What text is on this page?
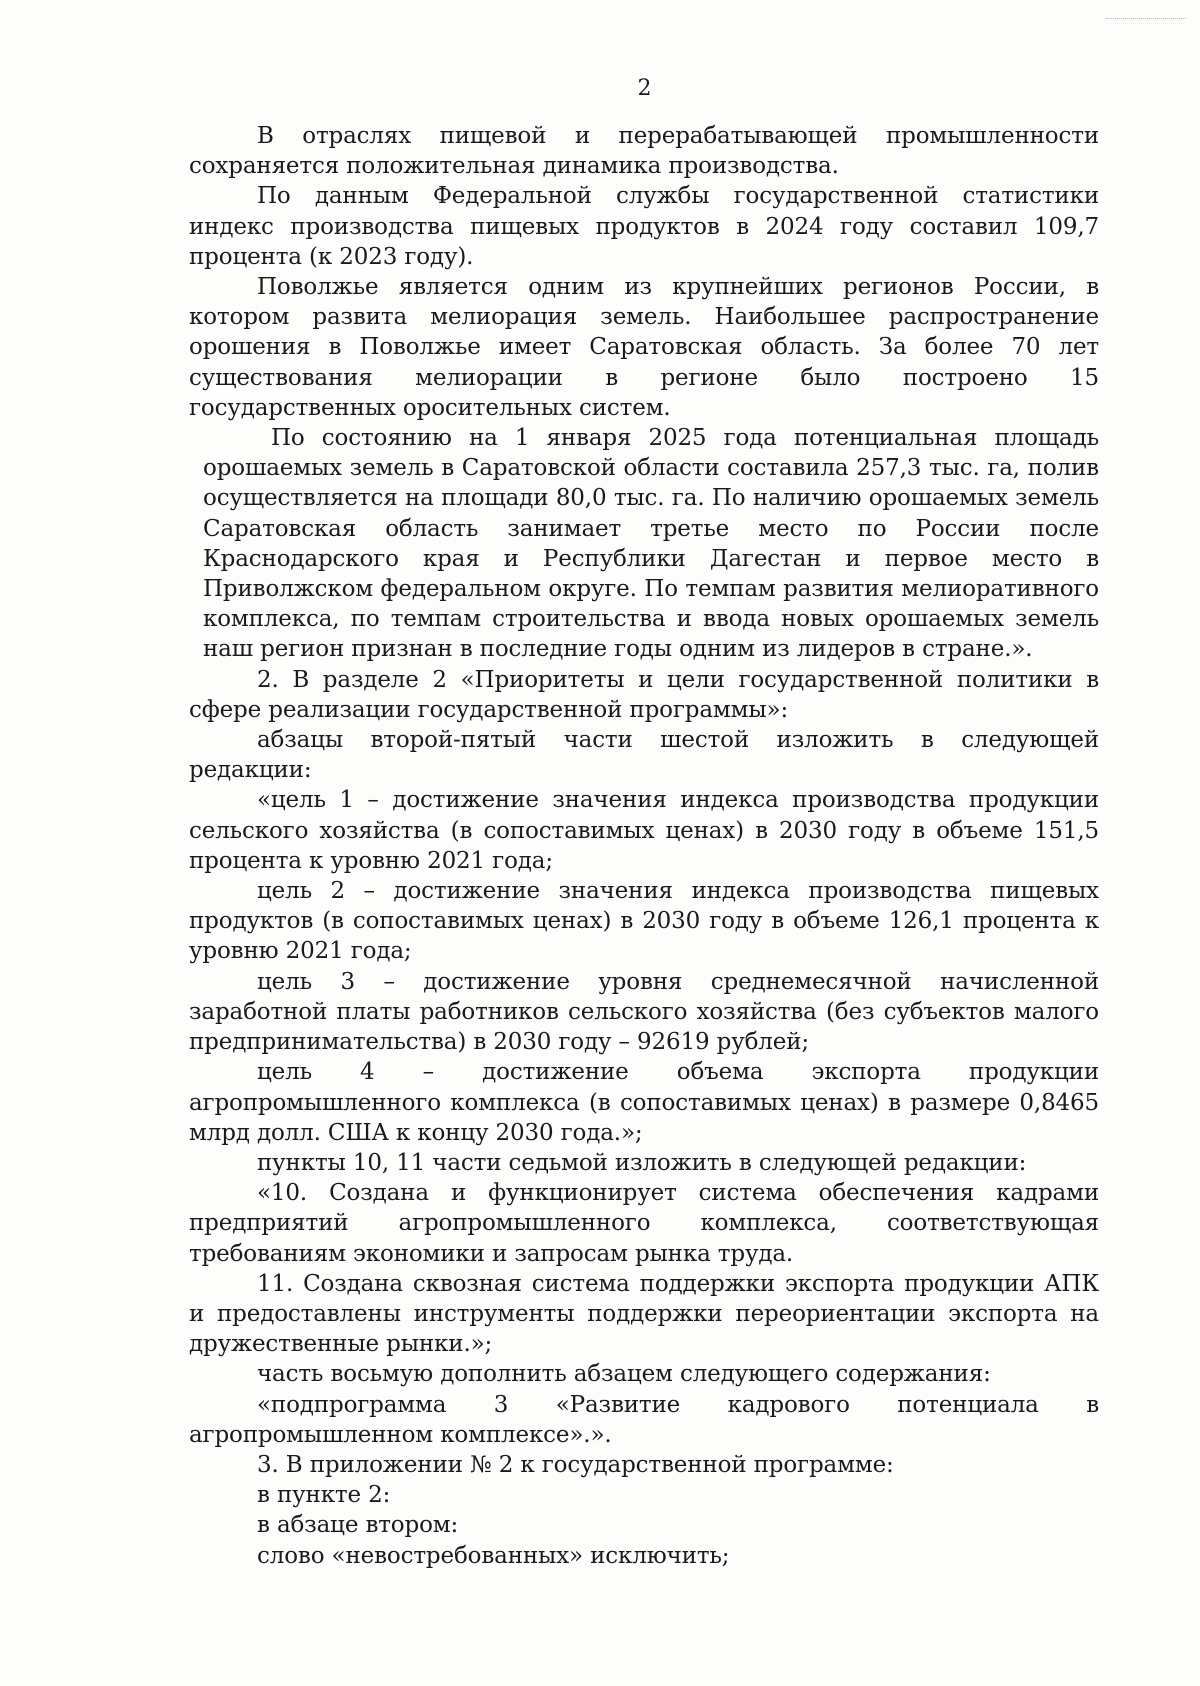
2

В отраслях пищевой и перерабатывающей промышленности сохраняется положительная динамика производства.

По данным Федеральной службы государственной статистики индекс производства пищевых продуктов в 2024 году составил 109,7 процента (к 2023 году).

Поволжье является одним из крупнейших регионов России, в котором развита мелиорация земель. Наибольшее распространение орошения в Поволжье имеет Саратовская область. За более 70 лет существования мелиорации в регионе было построено 15 государственных оросительных систем.

По состоянию на 1 января 2025 года потенциальная площадь орошаемых земель в Саратовской области составила 257,3 тыс. га, полив осуществляется на площади 80,0 тыс. га. По наличию орошаемых земель Саратовская область занимает третье место по России после Краснодарского края и Республики Дагестан и первое место в Приволжском федеральном округе. По темпам развития мелиоративного комплекса, по темпам строительства и ввода новых орошаемых земель наш регион признан в последние годы одним из лидеров в стране.».

2. В разделе 2 «Приоритеты и цели государственной политики в сфере реализации государственной программы»:

абзацы второй-пятый части шестой изложить в следующей редакции:

«цель 1 – достижение значения индекса производства продукции сельского хозяйства (в сопоставимых ценах) в 2030 году в объеме 151,5 процента к уровню 2021 года;

цель 2 – достижение значения индекса производства пищевых продуктов (в сопоставимых ценах) в 2030 году в объеме 126,1 процента к уровню 2021 года;

цель 3 – достижение уровня среднемесячной начисленной заработной платы работников сельского хозяйства (без субъектов малого предпринимательства) в 2030 году – 92619 рублей;

цель 4 – достижение объема экспорта продукции агропромышленного комплекса (в сопоставимых ценах) в размере 0,8465 млрд долл. США к концу 2030 года.»;

пункты 10, 11 части седьмой изложить в следующей редакции:

«10. Создана и функционирует система обеспечения кадрами предприятий агропромышленного комплекса, соответствующая требованиям экономики и запросам рынка труда.

11. Создана сквозная система поддержки экспорта продукции АПК и предоставлены инструменты поддержки переориентации экспорта на дружественные рынки.»;

часть восьмую дополнить абзацем следующего содержания:

«подпрограмма 3 «Развитие кадрового потенциала в агропромышленном комплексе».».

3. В приложении № 2 к государственной программе:

в пункте 2:

в абзаце втором:

слово «невостребованных» исключить;
